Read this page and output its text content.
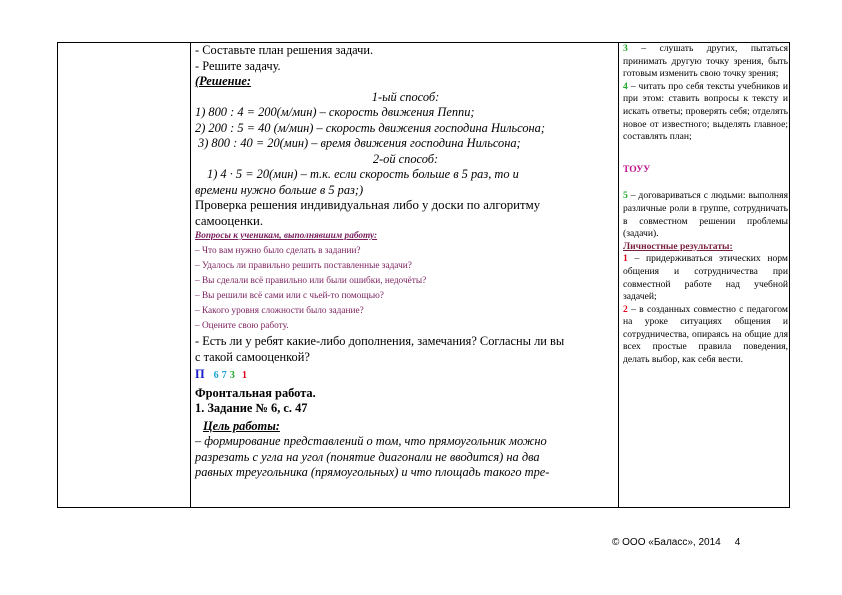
- Составьте план решения задачи.
- Решите задачу.
(Решение:
1-ый способ:
1) 800 : 4 = 200(м/мин) – скорость движения Пеппи;
2) 200 : 5 = 40 (м/мин) – скорость движения господина Нильсона;
3) 800 : 40 = 20(мин) – время движения господина Нильсона;
2-ой способ:
1) 4 · 5 = 20(мин) – т.к. если скорость больше в 5 раз, то и
времени нужно больше в 5 раз;)
Проверка решения индивидуальная либо у доски по алгоритму
самооценки.
Вопросы к ученикам, выполнявшим работу:
– Что вам нужно было сделать в задании?
– Удалось ли правильно решить поставленные задачи?
– Вы сделали всё правильно или были ошибки, недочёты?
– Вы решили всё сами или с чьей-то помощью?
– Какого уровня сложности было задание?
– Оцените свою работу.
- Есть ли у ребят какие-либо дополнения, замечания? Согласны ли вы
с такой самооценкой?
П 6 7 3 1
Фронтальная работа.
1. Задание № 6, с. 47
Цель работы:
– формирование представлений о том, что прямоугольник можно
разрезать с угла на угол (понятие диагонали не вводится) на два
равных треугольника (прямоугольных) и что площадь такого тре-
3 – слушать других, пытаться принимать другую точку зрения, быть готовым изменить свою точку зрения;
4 – читать про себя тексты учебников и при этом: ставить вопросы к тексту и искать ответы; проверять себя; отделять новое от известного; выделять главное; составлять план;
ТОУУ
5 – договариваться с людьми: выполняя различные роли в группе, сотрудничать в совместном решении проблемы (задачи).
Личностные результаты:
1 – придерживаться этических норм общения и сотрудничества при совместной работе над учебной задачей;
2 – в созданных совместно с педагогом на уроке ситуациях общения и сотрудничества, опираясь на общие для всех простые правила поведения, делать выбор, как себя вести.
© ООО «Баласс», 2014 4
